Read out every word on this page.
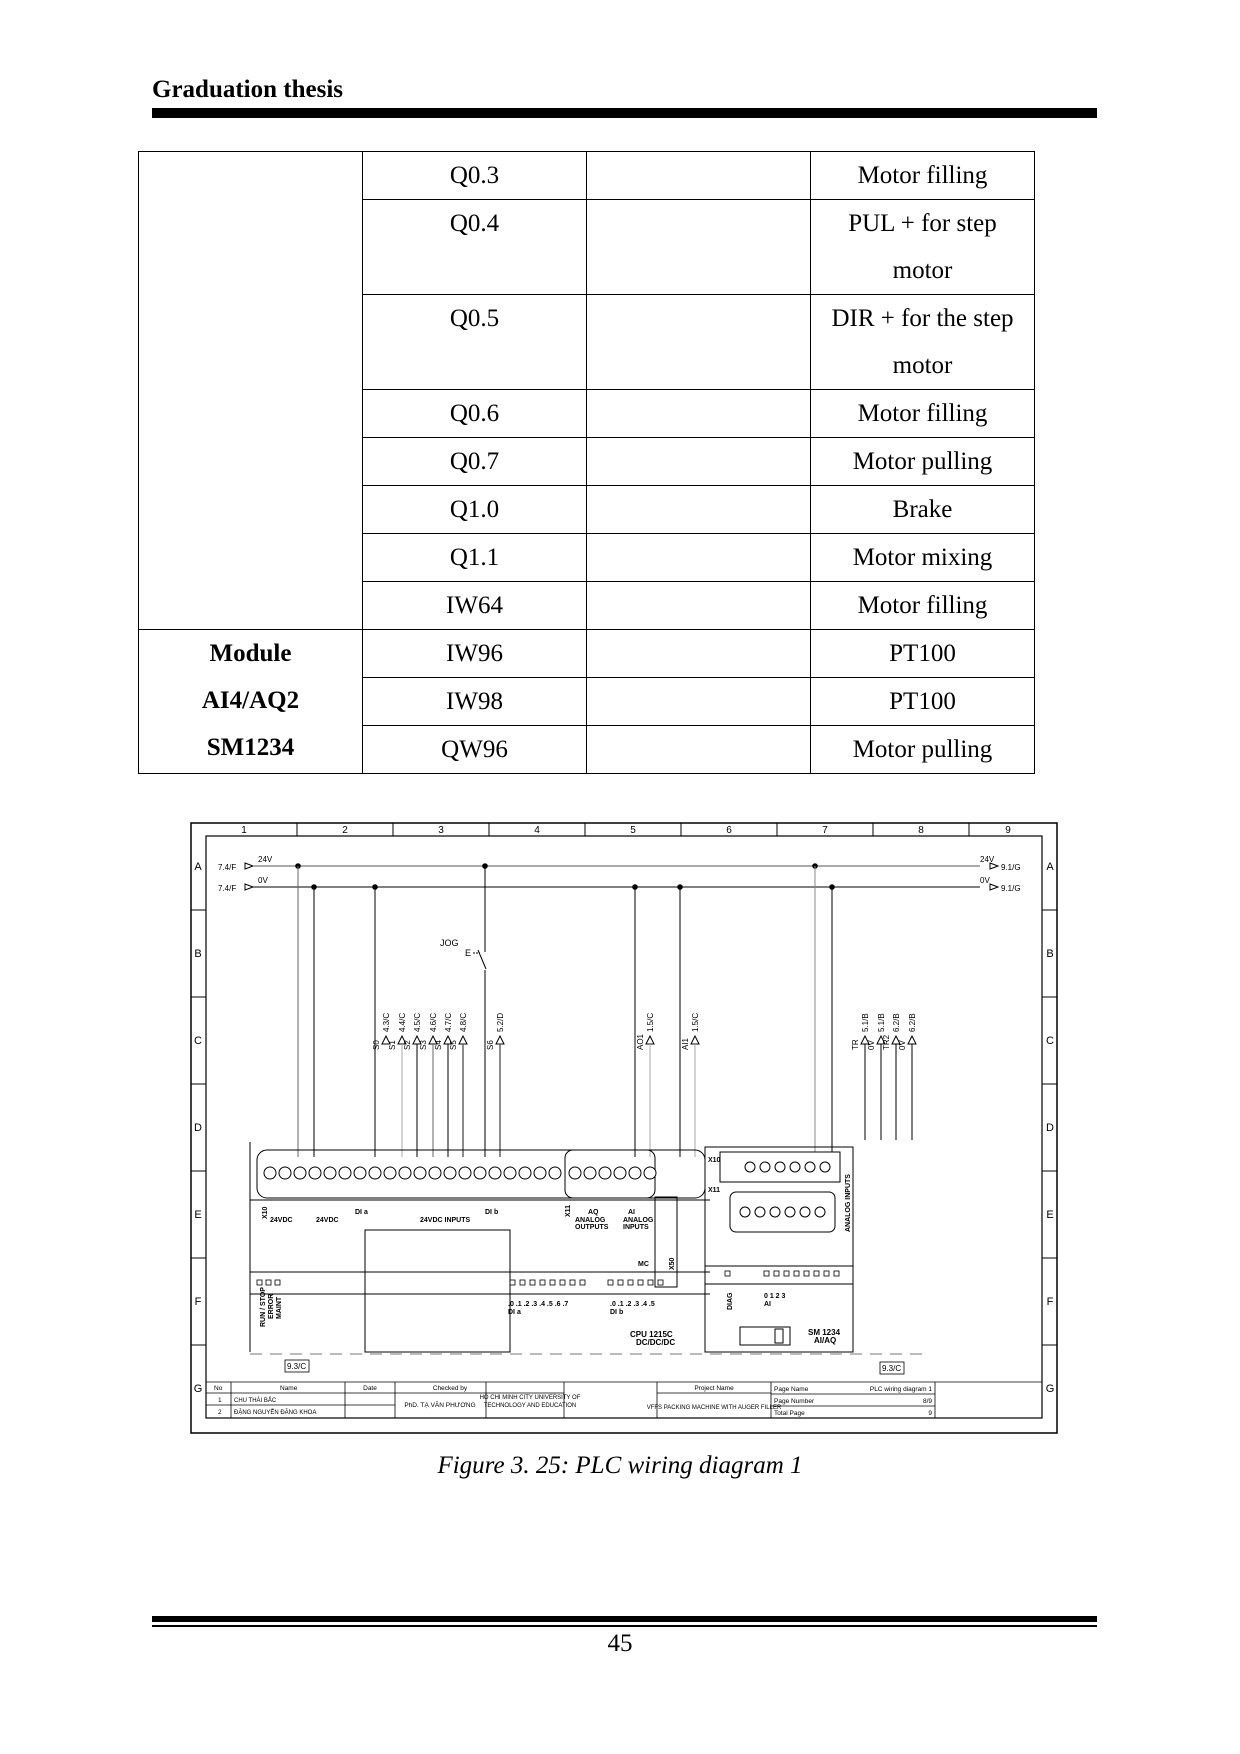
Graduation thesis
	Q0.3		Motor filling
	Q0.4		PUL + for step
motor

	Q0.5		DIR + for the step
motor

	Q0.6		Motor filling
	Q0.7		Motor pulling
	Q1.0		Brake
	Q1.1		Motor mixing
	IW64		Motor filling

Module
AI4/AQ2
SM1234	IW96		PT100
	IW98		PT100
	QW96		Motor pulling
1	2	3	4	5	6	7	8	9
A
B
C
D
E
F
G
A
B
C
D
E
F
G
7.4/F
24V
7.4/F
0V
24V
9.1/G
0V
9.1/G
JOG
E
S0
4.3/C
S1
4.4/C
S2
4.5/C
S3
4.6/C
S4
4.7/C
S5
4.8/C
S6
5.2/D
AO1
1.5/C
AI1
1.5/C
TR
5.1/B
0V
5.1/B
TR2
6.2/B
0V
6.2/B
X10
24VDC	24VDC
DI a	DI b
24VDC INPUTS
X11 AQ	AI
ANALOG
OUTPUTS
ANALOG
INPUTS
MC	X50
RUN / STOP ERROR MAINT	.0 .1 .2 .3 .4 .5 .6 .7
DI a
.0 .1 .2 .3 .4 .5
DI b
CPU 1215C
DC/DC/DC
X10
X11	ANALOG INPUTS
DIAG	0 1 2 3
AI
SM 1234
AI/AQ
9.3/C	9.3/C
No	Name	Date	Checked by
1 CHU THÁI BẮC
2 ĐẶNG NGUYỄN ĐĂNG KHOA
PhD. TẠ VĂN PHƯƠNG
HO CHI MINH CITY UNIVERSITY OF
TECHNOLOGY AND EDUCATION
Project Name
VFFS PACKING MACHINE WITH AUGER FILLER
Page Name	PLC wiring diagram 1
Page Number	8/9
Total Page	9
Figure 3. 25: PLC wiring diagram 1
45
